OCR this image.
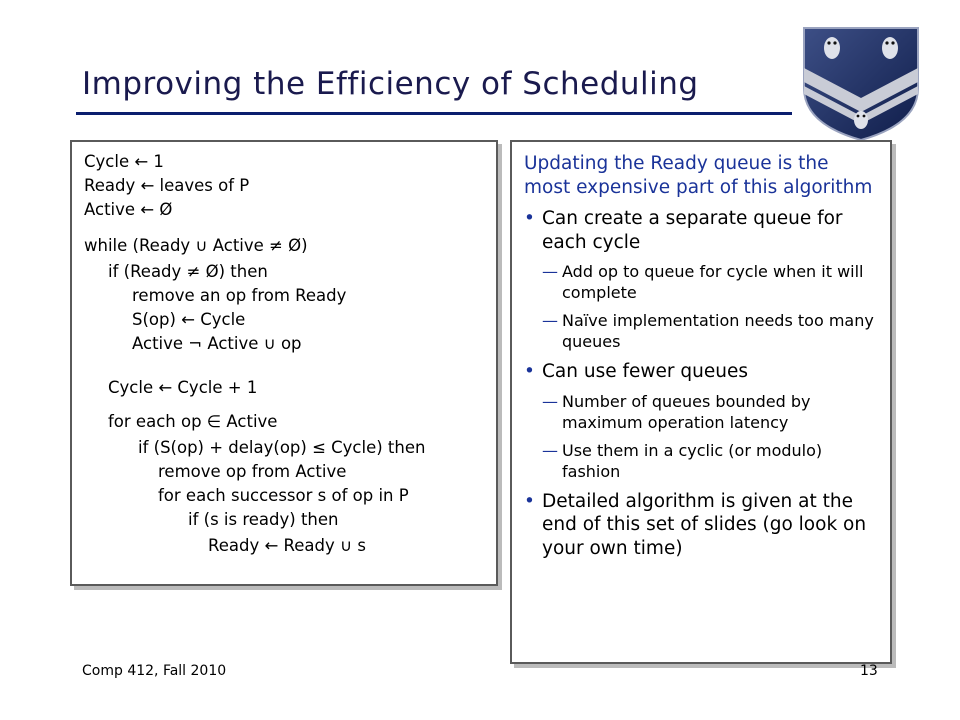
Improving the Efficiency of Scheduling
Cycle ← 1
Ready ← leaves of P
Active ← Ø
while (Ready ∪ Active ≠ Ø)
if (Ready ≠ Ø) then
remove an op from Ready
S(op) ← Cycle
Active ¬ Active ∪ op
Cycle ← Cycle + 1
for each op ∈ Active
if (S(op) + delay(op) ≤ Cycle) then
remove op from Active
for each successor s of op in P
if (s is ready) then
Ready ← Ready ∪ s
Updating the Ready queue is the most expensive part of this algorithm
• Can create a separate queue for each cycle
— Add op to queue for cycle when it will complete
— Naïve implementation needs too many queues
• Can use fewer queues
— Number of queues bounded by maximum operation latency
— Use them in a cyclic (or modulo) fashion
• Detailed algorithm is given at the end of this set of slides (go look on your own time)
Comp 412, Fall 2010	13
